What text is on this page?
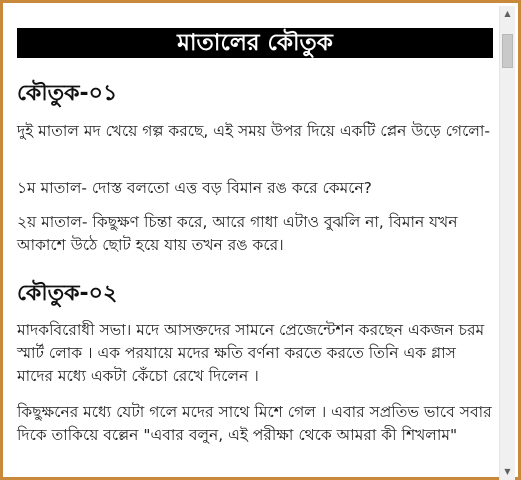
মাতালের কৌতুক
কৌতুক-০১

দুই মাতাল মদ খেয়ে গল্প করছে, এই সময় উপর দিয়ে একটি প্লেন উড়ে গেলো-

১ম মাতাল- দোস্ত বলতো এত্ত বড় বিমান রঙ করে কেমনে?

২য় মাতাল- কিছুক্ষণ চিন্তা করে, আরে গাধা এটাও বুঝলি না, বিমান যখন আকাশে উঠে ছোট হয়ে যায় তখন রঙ করে।

কৌতুক-০২

মাদকবিরোধী সভা। মদে আসক্তদের সামনে প্রেজেন্টেশন করছেন একজন চরম স্মার্ট লোক । এক পরযায়ে মদের ক্ষতি বর্ণনা করতে করতে তিনি এক গ্লাস মাদের মধ্যে একটা কেঁচো রেখে দিলেন ।

কিছুক্ষনের মধ্যে যেটা গলে মদের সাথে মিশে গেল । এবার সপ্রতিভ ভাবে সবার দিকে তাকিয়ে বল্লেন "এবার বলুন, এই পরীক্ষা থেকে আমরা কী শিখলাম"

▲
▼
